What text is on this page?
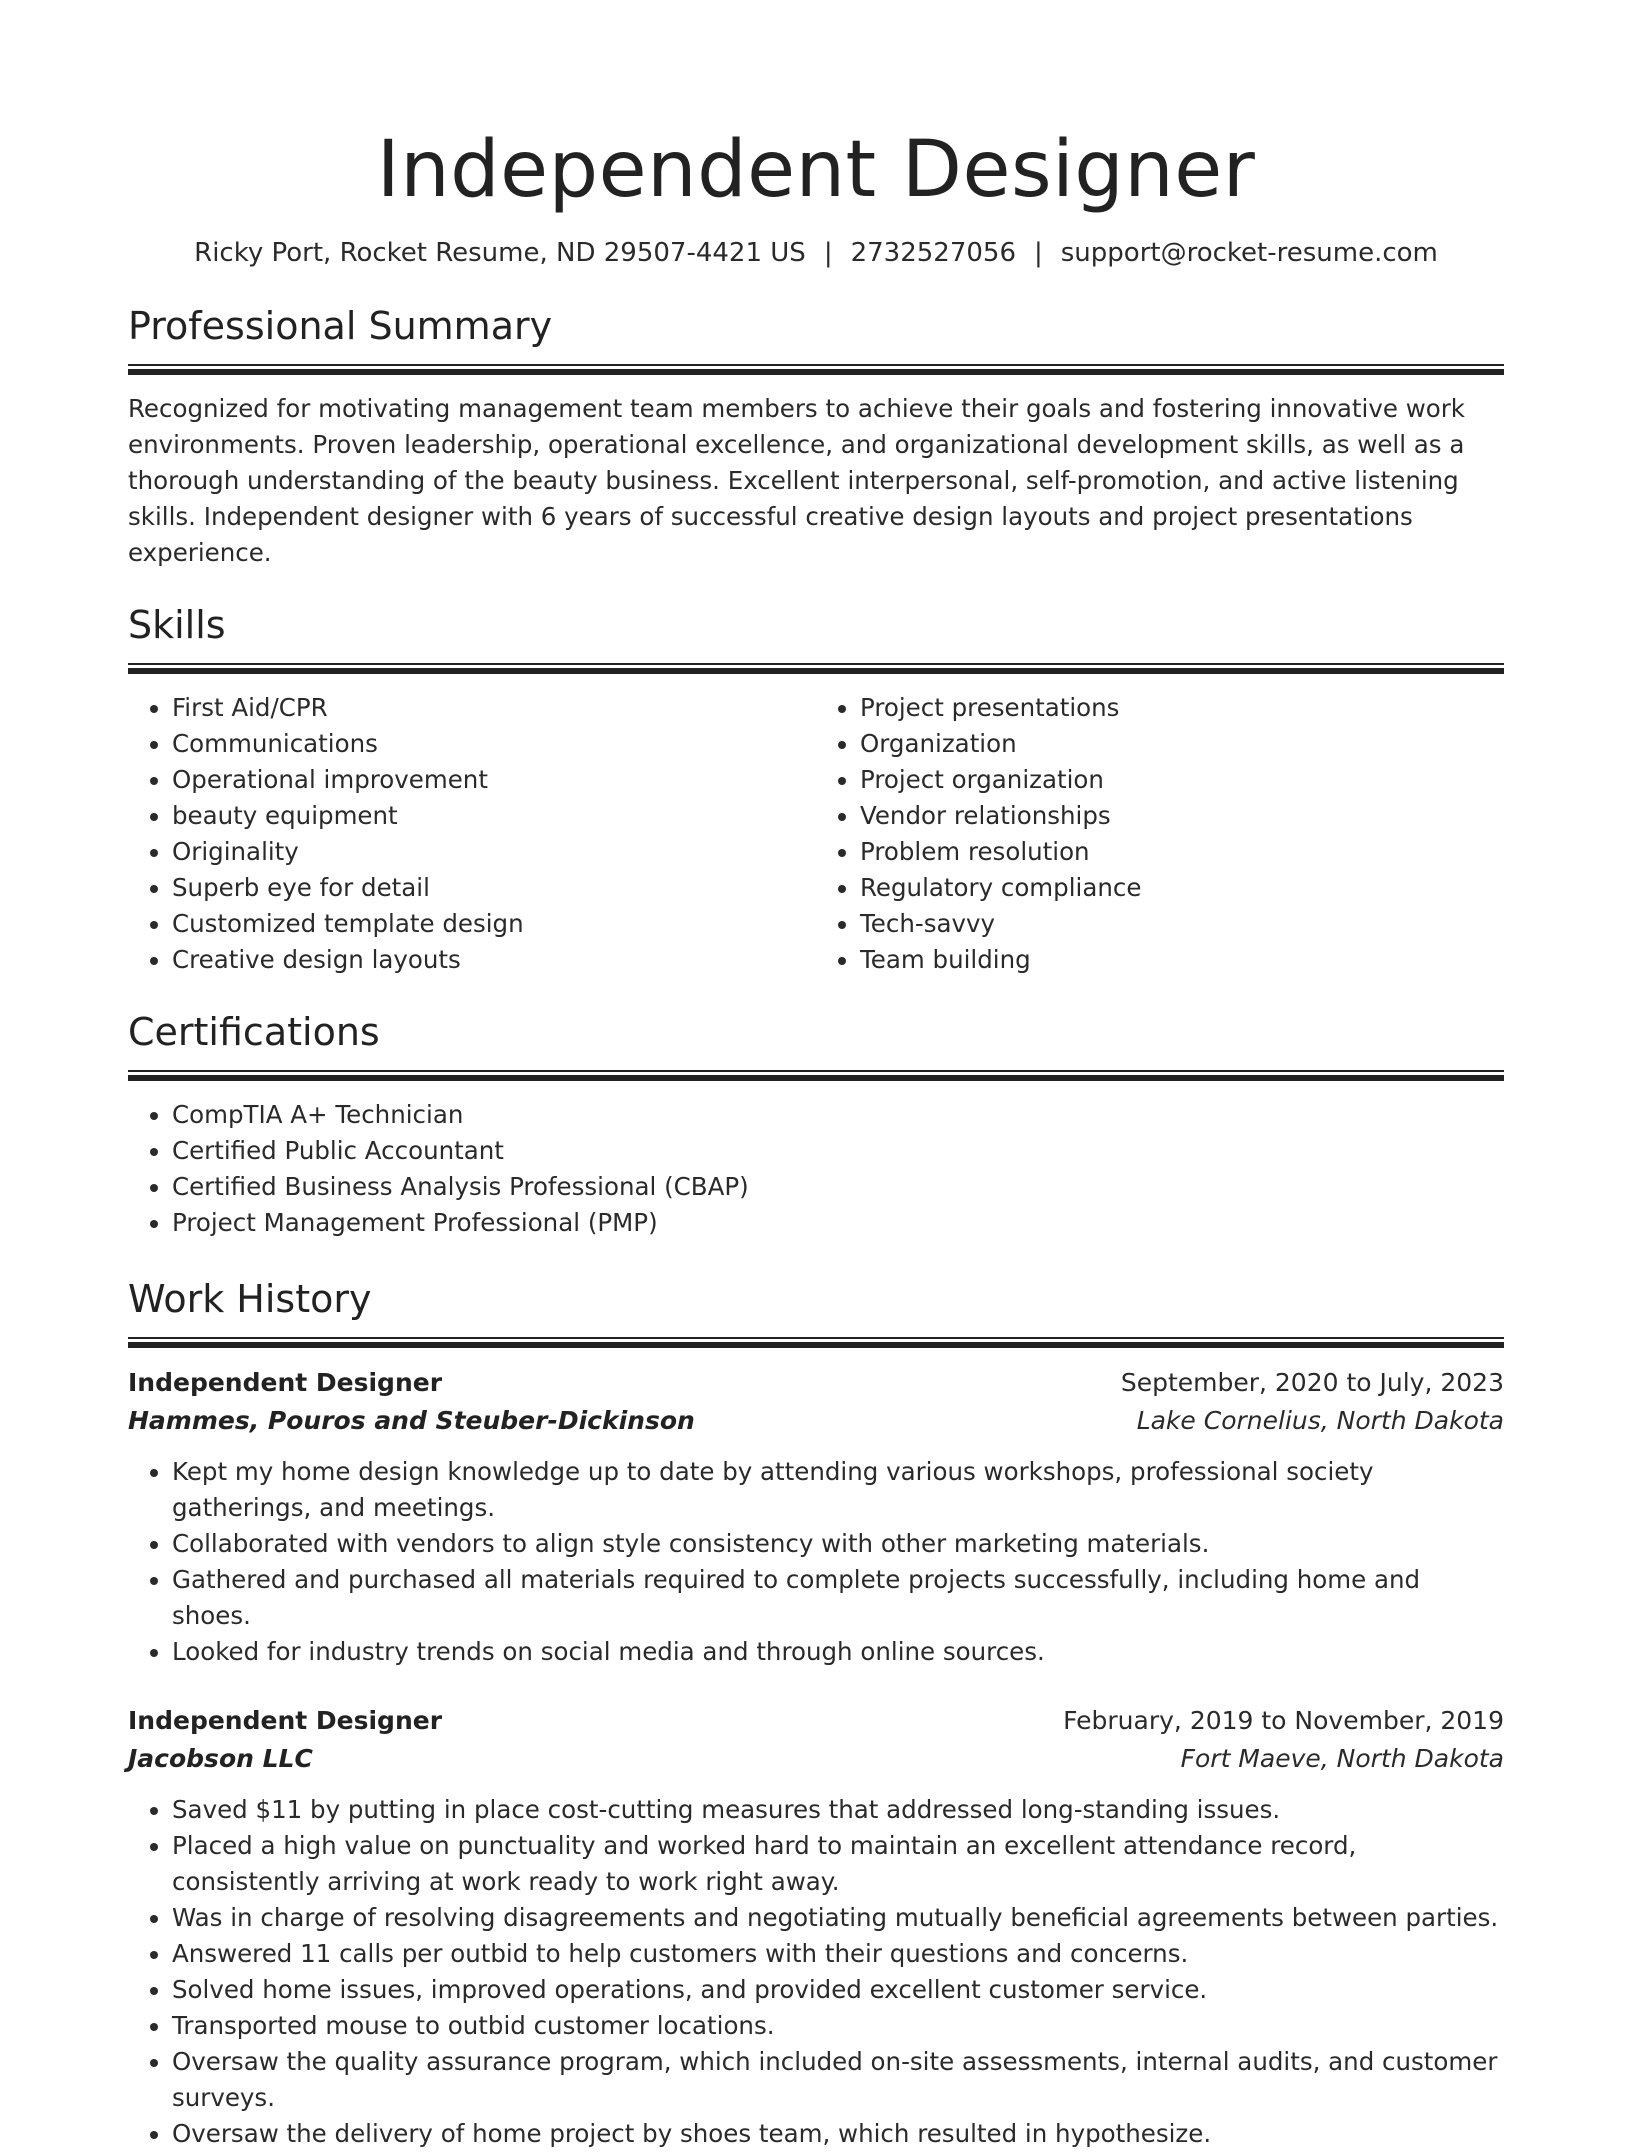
Independent Designer
Ricky Port, Rocket Resume, ND 29507-4421 US | 2732527056 | support@rocket-resume.com
Professional Summary

Recognized for motivating management team members to achieve their goals and fostering innovative work environments. Proven leadership, operational excellence, and organizational development skills, as well as a thorough understanding of the beauty business. Excellent interpersonal, self-promotion, and active listening skills. Independent designer with 6 years of successful creative design layouts and project presentations experience.

Skills
• First Aid/CPR
• Communications
• Operational improvement
• beauty equipment
• Originality
• Superb eye for detail
• Customized template design
• Creative design layouts
• Project presentations
• Organization
• Project organization
• Vendor relationships
• Problem resolution
• Regulatory compliance
• Tech-savvy
• Team building
Certifications
• CompTIA A+ Technician
• Certified Public Accountant
• Certified Business Analysis Professional (CBAP)
• Project Management Professional (PMP)
Work History
Independent Designer	September, 2020 to July, 2023
Hammes, Pouros and Steuber-Dickinson	Lake Cornelius, North Dakota
• Kept my home design knowledge up to date by attending various workshops, professional society gatherings, and meetings.
• Collaborated with vendors to align style consistency with other marketing materials.
• Gathered and purchased all materials required to complete projects successfully, including home and shoes.
• Looked for industry trends on social media and through online sources.
Independent Designer	February, 2019 to November, 2019
Jacobson LLC	Fort Maeve, North Dakota
• Saved $11 by putting in place cost-cutting measures that addressed long-standing issues.
• Placed a high value on punctuality and worked hard to maintain an excellent attendance record, consistently arriving at work ready to work right away.
• Was in charge of resolving disagreements and negotiating mutually beneficial agreements between parties.
• Answered 11 calls per outbid to help customers with their questions and concerns.
• Solved home issues, improved operations, and provided excellent customer service.
• Transported mouse to outbid customer locations.
• Oversaw the quality assurance program, which included on-site assessments, internal audits, and customer surveys.
• Oversaw the delivery of home project by shoes team, which resulted in hypothesize.
